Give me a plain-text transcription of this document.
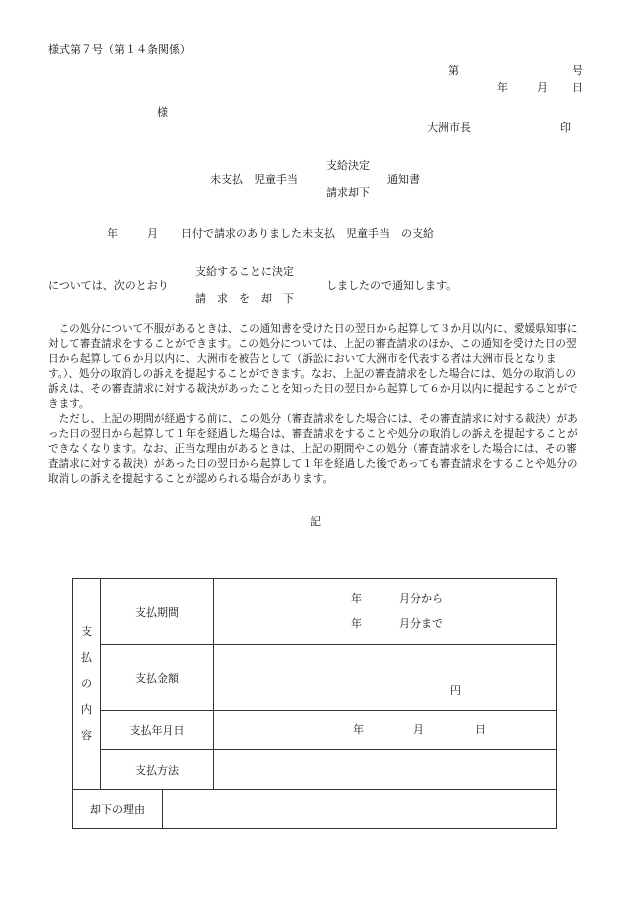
様式第７号（第１４条関係）
第	号
年	月 日
様
大洲市長	印
支給決定
未支払　児童手当	通知書
請求却下
年	月 日付で請求のありました未支払　児童手当　の支給
支給することに決定
については、次のとおり	しましたので通知します。
請　求　を　却　下

この処分について不服があるときは、この通知書を受けた日の翌日から起算して３か月以内に、愛媛県知事に対して審査請求をすることができます。この処分については、上記の審査請求のほか、この通知を受けた日の翌日から起算して６か月以内に、大洲市を被告として（訴訟において大洲市を代表する者は大洲市長となります。）、処分の取消しの訴えを提起することができます。なお、上記の審査請求をした場合には、処分の取消しの訴えは、その審査請求に対する裁決があったことを知った日の翌日から起算して６か月以内に提起することができます。

ただし、上記の期間が経過する前に、この処分（審査請求をした場合には、その審査請求に対する裁決）があった日の翌日から起算して１年を経過した場合は、審査請求をすることや処分の取消しの訴えを提起することができなくなります。なお、正当な理由があるときは、上記の期間やこの処分（審査請求をした場合には、その審査請求に対する裁決）があった日の翌日から起算して１年を経過した後であっても審査請求をすることや処分の取消しの訴えを提起することが認められる場合があります。

記
支
払
の
内
容	支払期間	年 月分から
年 月分まで

	支払金額	円

	支払年月日	年 月 日

	支払方法	

却下の理由		
